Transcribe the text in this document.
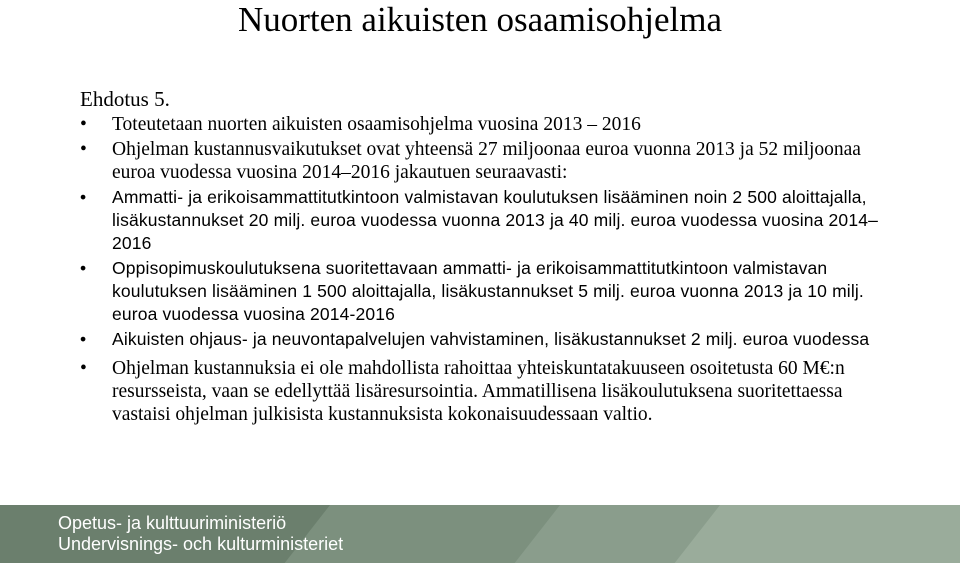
Nuorten aikuisten osaamisohjelma
Ehdotus 5.
• Toteutetaan nuorten aikuisten osaamisohjelma vuosina 2013 – 2016
• Ohjelman kustannusvaikutukset ovat yhteensä 27 miljoonaa euroa vuonna 2013 ja 52 miljoonaa euroa vuodessa vuosina 2014–2016 jakautuen seuraavasti:
• Ammatti- ja erikoisammattitutkintoon valmistavan koulutuksen lisääminen noin 2 500 aloittajalla, lisäkustannukset 20 milj. euroa vuodessa vuonna 2013 ja 40 milj. euroa vuodessa vuosina 2014–2016
• Oppisopimuskoulutuksena suoritettavaan ammatti- ja erikoisammattitutkintoon valmistavan koulutuksen lisääminen 1 500 aloittajalla, lisäkustannukset 5 milj. euroa vuonna 2013 ja 10 milj. euroa vuodessa vuosina 2014-2016
• Aikuisten ohjaus- ja neuvontapalvelujen vahvistaminen, lisäkustannukset 2 milj. euroa vuodessa
• Ohjelman kustannuksia ei ole mahdollista rahoittaa yhteiskuntatakuuseen osoitetusta 60 M€:n resursseista, vaan se edellyttää lisäresursointia. Ammatillisena lisäkoulutuksena suoritettaessa vastaisi ohjelman julkisista kustannuksista kokonaisuudessaan valtio.
Opetus- ja kulttuuriministeriö
Undervisnings- och kulturministeriet
